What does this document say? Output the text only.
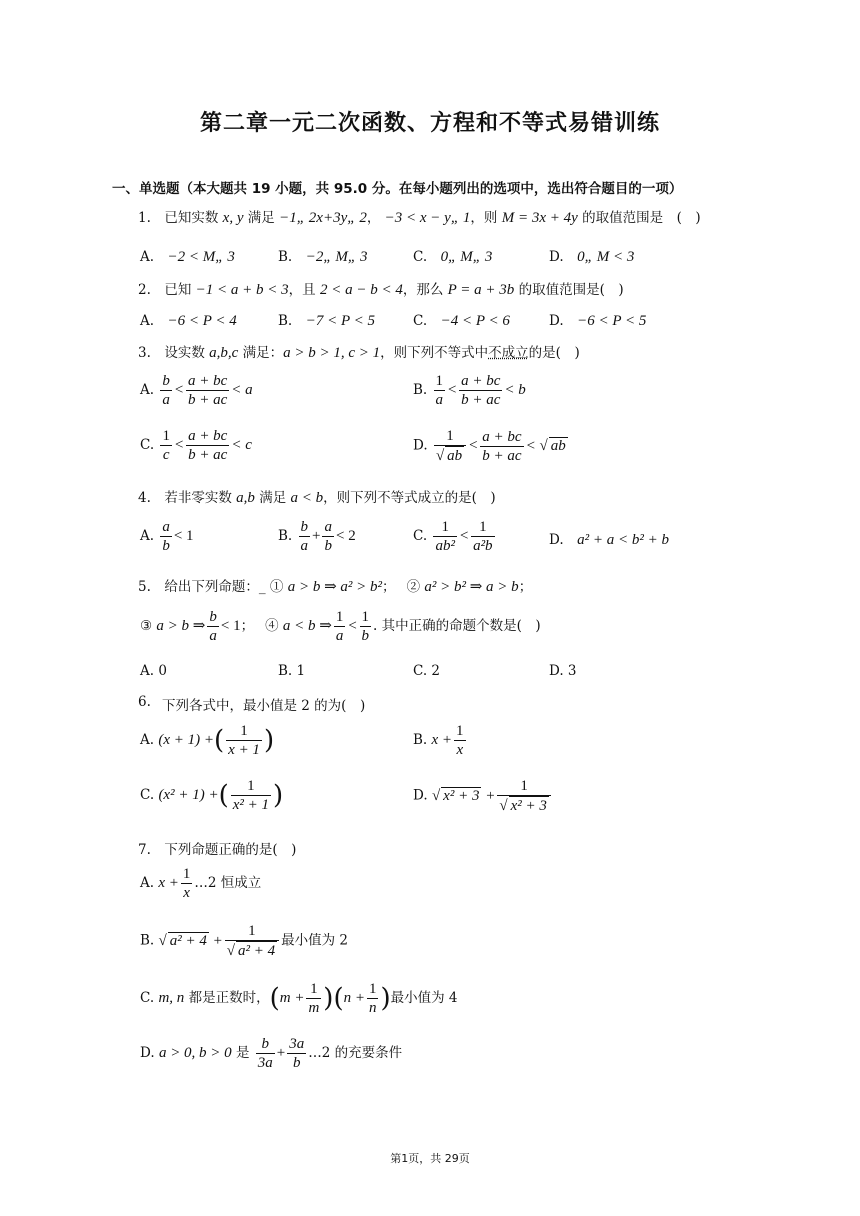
第二章一元二次函数、方程和不等式易错训练
一、单选题（本大题共 19 小题，共 95.0 分。在每小题列出的选项中，选出符合题目的一项）
1.　已知实数 x, y 满足 −1„ 2x+3y„ 2， −3 < x − y„ 1，则 M = 3x + 4y 的取值范围是　(　)
A.　−2 < M„ 3	B.　−2„ M„ 3	C.　0„ M„ 3	D.　0„ M < 3
2.　已知 −1 < a + b < 3，且 2 < a − b < 4，那么 P = a + 3b 的取值范围是(　)
A.　−6 < P < 4	B.　−7 < P < 5	C.　−4 < P < 6	D.　−6 < P < 5
3.　设实数 a,b,c 满足：a > b > 1, c > 1，则下列不等式中不成立的是(　)
A. $\frac{b}{a} < \frac{a + bc}{b + ac} < a$	B. $\frac{1}{a} < \frac{a + bc}{b + ac} < b$
C. $\frac{1}{c} < \frac{a + bc}{b + ac} < c$	D. $\frac{1}{√ ab} < \frac{a + bc}{b + ac}$ < √ ab
4.　若非零实数 a,b 满足 a < b，则下列不等式成立的是(　)
A. $\frac{a}{b} < 1$	B. $\frac{b}{a} + \frac{a}{b} < 2$	C. $\frac{1}{\text{ab²}} < \frac{1}{\text{a²b}}$	D.　a² + a < b² + b
5.　给出下列命题：_ ① a > b ⇒ a² > b²；　 ② a² > b² ⇒ a > b；
③ a > b ⇒ $\frac{b}{a} < 1$；　 ④ a < b ⇒ $\frac{1}{a} < \frac{1}{b}$ . 其中正确的命题个数是(　)
A. 0	B. 1	C. 2	D. 3
下列各式中，最小值是 2 的为(　)
6.
A. (x + 1) +( $\frac{1}{x + 1}$ )	B. $x + \frac{1}{x}$
C. (x² + 1) +( $\frac{1}{\text{x² + 1}}$ )	D. √ $x^2 + 3 + \frac{1}{\text{√ x² + 3}}$
7.　下列命题正确的是(　)
A. $x + \frac{1}{x}$ …2 恒成立
B. √ $a^2 + 4 + \frac{1}{\text{√ a² + 4}}$ 最小值为 2
C. m, n 都是正数时，$(m + \frac{1}{m} )(n + \frac{1}{n}$ )最小值为 4
D. a > 0, b > 0 是 $\frac{b}{3a} + \frac{3a}{b}$ …2 的充要条件
第1页，共 29页
